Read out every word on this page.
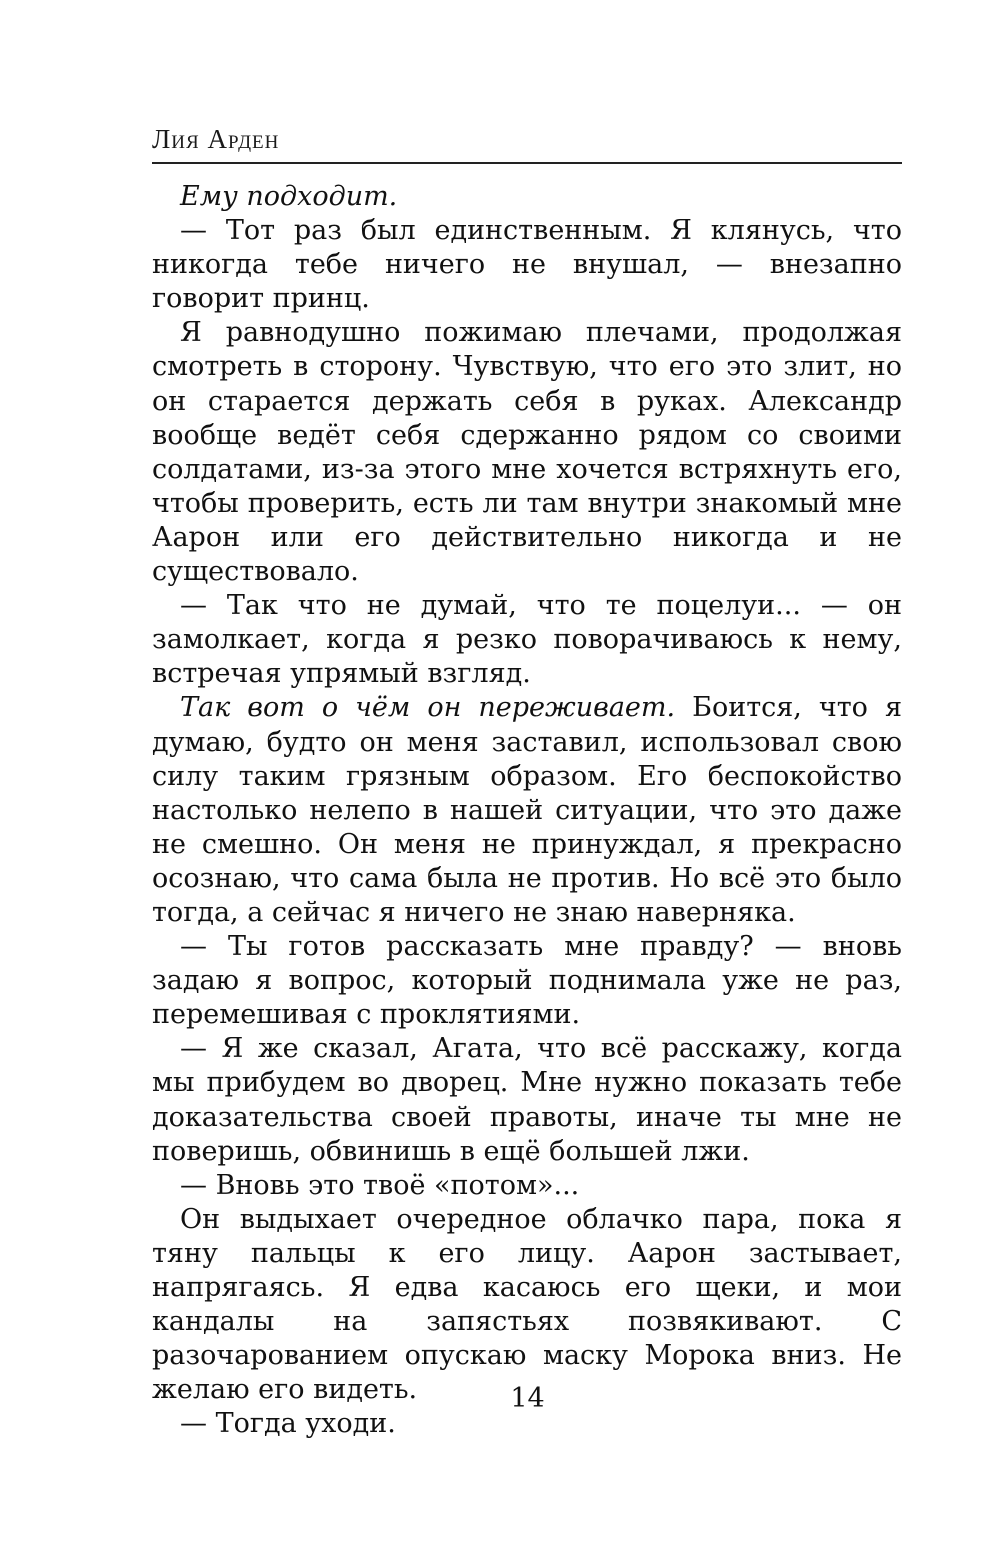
Лия Арден

Ему подходит.

— Тот раз был единственным. Я клянусь, что никогда тебе ничего не внушал, — внезапно говорит принц.

Я равнодушно пожимаю плечами, продолжая смотреть в сторону. Чувствую, что его это злит, но он старается держать себя в руках. Александр вообще ведёт себя сдержанно рядом со своими солдатами, из-за этого мне хочется встряхнуть его, чтобы проверить, есть ли там внутри знакомый мне Аарон или его действительно никогда и не существовало.

— Так что не думай, что те поцелуи... — он замолкает, когда я резко поворачиваюсь к нему, встречая упрямый взгляд.

Так вот о чём он переживает. Боится, что я думаю, будто он меня заставил, использовал свою силу таким грязным образом. Его беспокойство настолько нелепо в нашей ситуации, что это даже не смешно. Он меня не принуждал, я прекрасно осознаю, что сама была не против. Но всё это было тогда, а сейчас я ничего не знаю наверняка.

— Ты готов рассказать мне правду? — вновь задаю я вопрос, который поднимала уже не раз, перемешивая с проклятиями.

— Я же сказал, Агата, что всё расскажу, когда мы прибудем во дворец. Мне нужно показать тебе доказательства своей правоты, иначе ты мне не поверишь, обвинишь в ещё большей лжи.

— Вновь это твоё «потом»...

Он выдыхает очередное облачко пара, пока я тяну пальцы к его лицу. Аарон застывает, напрягаясь. Я едва касаюсь его щеки, и мои кандалы на запястьях позвякивают. С разочарованием опускаю маску Морока вниз. Не желаю его видеть.

— Тогда уходи.

14
